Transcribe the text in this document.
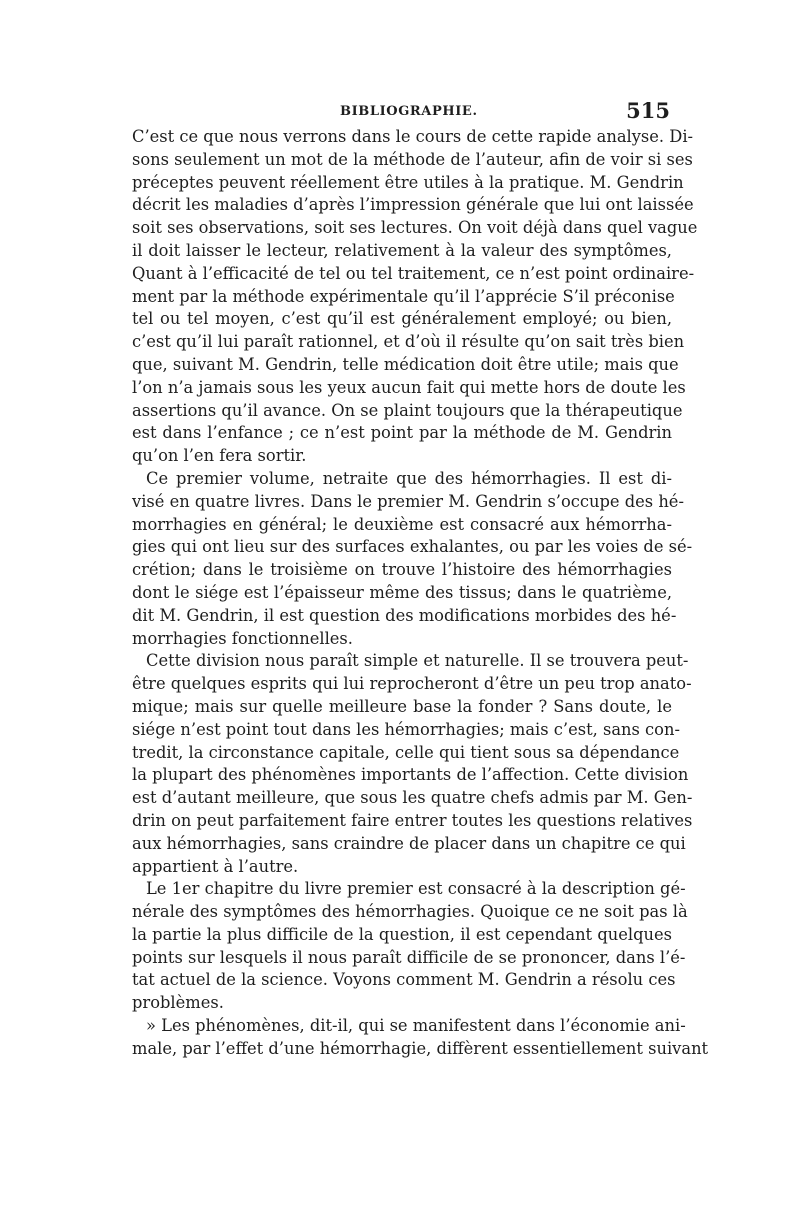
BIBLIOGRAPHIE.	515
C’est ce que nous verrons dans le cours de cette rapide analyse. Di-
sons seulement un mot de la méthode de l’auteur, afin de voir si ses
préceptes peuvent réellement être utiles à la pratique. M. Gendrin
décrit les maladies d’après l’impression générale que lui ont laissée
soit ses observations, soit ses lectures. On voit déjà dans quel vague
il doit laisser le lecteur, relativement à la valeur des symptômes,
Quant à l’efficacité de tel ou tel traitement, ce n’est point ordinaire-
ment par la méthode expérimentale qu’il l’apprécie S’il préconise
tel ou tel moyen, c’est qu’il est généralement employé; ou bien,
c’est qu’il lui paraît rationnel, et d’où il résulte qu’on sait très bien
que, suivant M. Gendrin, telle médication doit être utile; mais que
l’on n’a jamais sous les yeux aucun fait qui mette hors de doute les
assertions qu’il avance. On se plaint toujours que la thérapeutique
est dans l’enfance ; ce n’est point par la méthode de M. Gendrin
qu’on l’en fera sortir.
Ce premier volume, netraite que des hémorrhagies. Il est di-
visé en quatre livres. Dans le premier M. Gendrin s’occupe des hé-
morrhagies en général; le deuxième est consacré aux hémorrha-
gies qui ont lieu sur des surfaces exhalantes, ou par les voies de sé-
crétion; dans le troisième on trouve l’histoire des hémorrhagies
dont le siége est l’épaisseur même des tissus; dans le quatrième,
dit M. Gendrin, il est question des modifications morbides des hé-
morrhagies fonctionnelles.
Cette division nous paraît simple et naturelle. Il se trouvera peut-
être quelques esprits qui lui reprocheront d’être un peu trop anato-
mique; mais sur quelle meilleure base la fonder ? Sans doute, le
siége n’est point tout dans les hémorrhagies; mais c’est, sans con-
tredit, la circonstance capitale, celle qui tient sous sa dépendance
la plupart des phénomènes importants de l’affection. Cette division
est d’autant meilleure, que sous les quatre chefs admis par M. Gen-
drin on peut parfaitement faire entrer toutes les questions relatives
aux hémorrhagies, sans craindre de placer dans un chapitre ce qui
appartient à l’autre.
Le 1er chapitre du livre premier est consacré à la description gé-
nérale des symptômes des hémorrhagies. Quoique ce ne soit pas là
la partie la plus difficile de la question, il est cependant quelques
points sur lesquels il nous paraît difficile de se prononcer, dans l’é-
tat actuel de la science. Voyons comment M. Gendrin a résolu ces
problèmes.
» Les phénomènes, dit-il, qui se manifestent dans l’économie ani-
male, par l’effet d’une hémorrhagie, diffèrent essentiellement suivant
